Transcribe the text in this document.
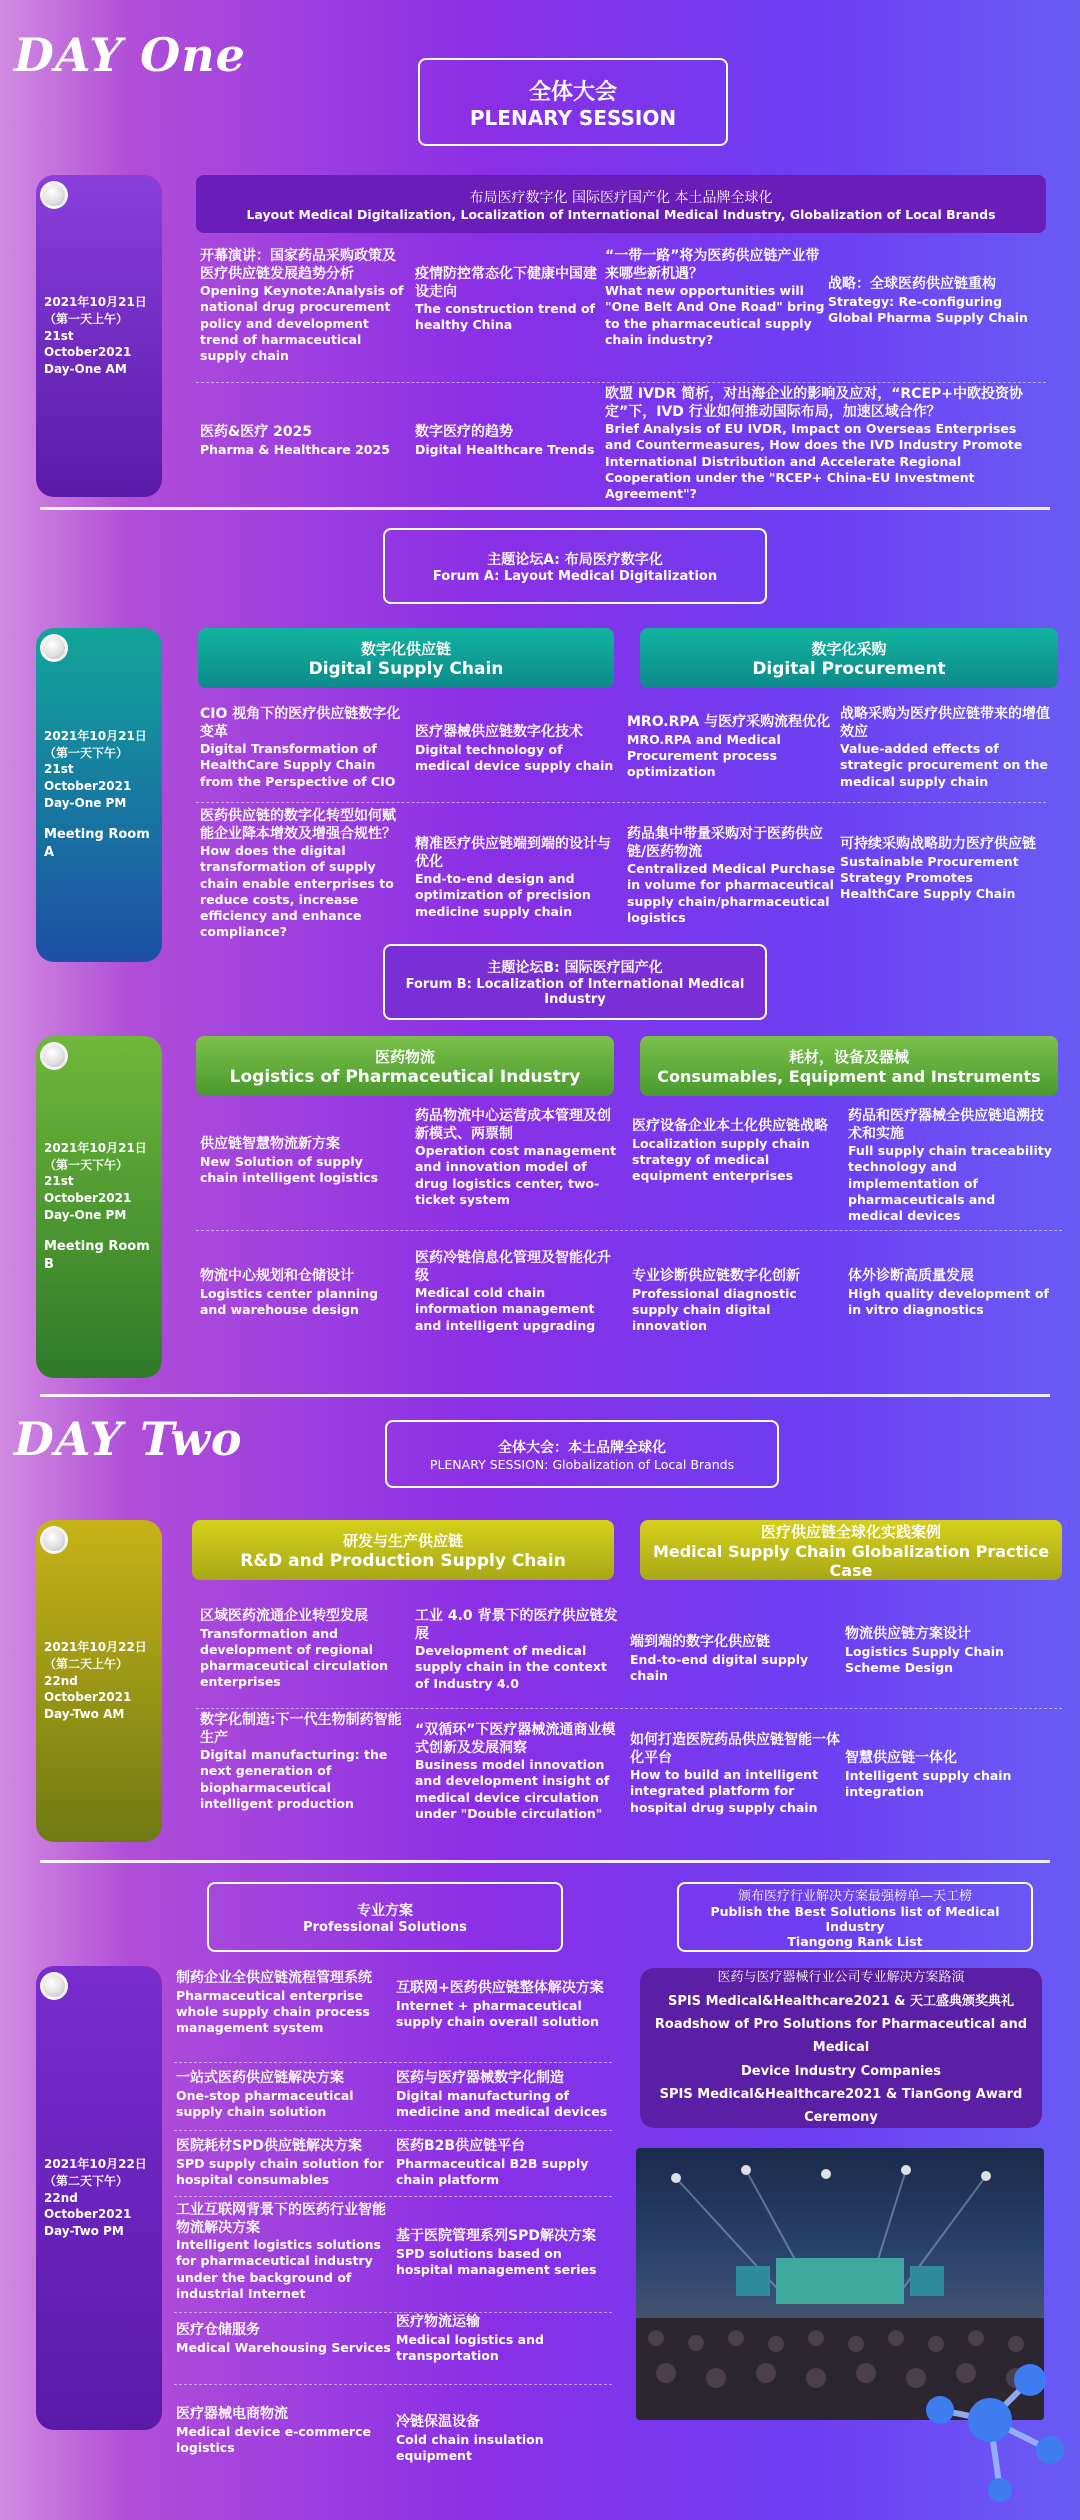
DAY One
全体大会
PLENARY SESSION
2021年10月21日
（第一天上午）
21st October2021
Day-One AM
布局医疗数字化 国际医疗国产化 本土品牌全球化
Layout Medical Digitalization, Localization of International Medical Industry, Globalization of Local Brands
开幕演讲：国家药品采购政策及医疗供应链发展趋势分析
Opening Keynote:Analysis of national drug procurement policy and development trend of harmaceutical supply chain
疫情防控常态化下健康中国建设走向
The construction trend of healthy China
“一带一路”将为医药供应链产业带来哪些新机遇？
What new opportunities will "One Belt And One Road" bring to the pharmaceutical supply chain industry?
战略：全球医药供应链重构
Strategy: Re-configuring Global Pharma Supply Chain
医药&医疗 2025
Pharma & Healthcare 2025
数字医疗的趋势
Digital Healthcare Trends
欧盟 IVDR 简析，对出海企业的影响及应对，“RCEP+中欧投资协定”下，IVD 行业如何推动国际布局，加速区域合作？
Brief Analysis of EU IVDR, Impact on Overseas Enterprises and Countermeasures, How does the IVD Industry Promote International Distribution and Accelerate Regional Cooperation under the "RCEP+ China-EU Investment Agreement"?
主题论坛A: 布局医疗数字化
Forum A: Layout Medical Digitalization
2021年10月21日
（第一天下午）
21st October2021
Day-One PM
Meeting Room A
数字化供应链
Digital Supply Chain
数字化采购
Digital Procurement
CIO 视角下的医疗供应链数字化变革
Digital Transformation of HealthCare Supply Chain from the Perspective of CIO
医疗器械供应链数字化技术
Digital technology of medical device supply chain
MRO.RPA 与医疗采购流程优化
MRO.RPA and Medical Procurement process optimization
战略采购为医疗供应链带来的增值效应
Value-added effects of strategic procurement on the medical supply chain
医药供应链的数字化转型如何赋能企业降本增效及增强合规性？
How does the digital transformation of supply chain enable enterprises to reduce costs, increase efficiency and enhance compliance?
精准医疗供应链端到端的设计与优化
End-to-end design and optimization of precision medicine supply chain
药品集中带量采购对于医药供应链/医药物流
Centralized Medical Purchase in volume for pharmaceutical supply chain/pharmaceutical logistics
可持续采购战略助力医疗供应链
Sustainable Procurement Strategy Promotes HealthCare Supply Chain
主题论坛B: 国际医疗国产化
Forum B: Localization of International Medical Industry
2021年10月21日
（第一天下午）
21st October2021
Day-One PM
Meeting Room B
医药物流
Logistics of Pharmaceutical Industry
耗材，设备及器械
Consumables, Equipment and Instruments
供应链智慧物流新方案
New Solution of supply chain intelligent logistics
药品物流中心运营成本管理及创新模式、两票制
Operation cost management and innovation model of drug logistics center, two-ticket system
医疗设备企业本土化供应链战略
Localization supply chain strategy of medical equipment enterprises
药品和医疗器械全供应链追溯技术和实施
Full supply chain traceability technology and implementation of pharmaceuticals and medical devices
物流中心规划和仓储设计
Logistics center planning and warehouse design
医药冷链信息化管理及智能化升级
Medical cold chain information management and intelligent upgrading
专业诊断供应链数字化创新
Professional diagnostic supply chain digital innovation
体外诊断高质量发展
High quality development of in vitro diagnostics
DAY Two	全体大会：本土品牌全球化
PLENARY SESSION: Globalization of Local Brands
2021年10月22日
（第二天上午）
22nd October2021
Day-Two AM
研发与生产供应链
R&D and Production Supply Chain
医疗供应链全球化实践案例
Medical Supply Chain Globalization Practice Case
区域医药流通企业转型发展
Transformation and development of regional pharmaceutical circulation enterprises
工业 4.0 背景下的医疗供应链发展
Development of medical supply chain in the context of Industry 4.0
端到端的数字化供应链
End-to-end digital supply chain
物流供应链方案设计
Logistics Supply Chain Scheme Design
数字化制造:下一代生物制药智能生产
Digital manufacturing: the next generation of biopharmaceutical intelligent production
“双循环”下医疗器械流通商业模式创新及发展洞察
Business model innovation and development insight of medical device circulation under "Double circulation"
如何打造医院药品供应链智能一体化平台
How to build an intelligent integrated platform for hospital drug supply chain
智慧供应链一体化
Intelligent supply chain integration
专业方案
Professional Solutions
颁布医疗行业解决方案最强榜单—天工榜
Publish the Best Solutions list of Medical Industry
Tiangong Rank List
2021年10月22日
（第二天下午）
22nd October2021
Day-Two PM
制药企业全供应链流程管理系统
Pharmaceutical enterprise whole supply chain process management system
互联网+医药供应链整体解决方案
Internet + pharmaceutical supply chain overall solution
一站式医药供应链解决方案
One-stop pharmaceutical supply chain solution
医药与医疗器械数字化制造
Digital manufacturing of medicine and medical devices
医院耗材SPD供应链解决方案
SPD supply chain solution for hospital consumables
医药B2B供应链平台
Pharmaceutical B2B supply chain platform
工业互联网背景下的医药行业智能物流解决方案
Intelligent logistics solutions for pharmaceutical industry under the background of industrial Internet
基于医院管理系列SPD解决方案
SPD solutions based on hospital management series
医疗仓储服务
Medical Warehousing Services
医疗物流运输
Medical logistics and transportation
医疗器械电商物流
Medical device e-commerce logistics
冷链保温设备
Cold chain insulation equipment
医药与医疗器械行业公司专业解决方案路演
SPIS Medical&Healthcare2021 & 天工盛典颁奖典礼
Roadshow of Pro Solutions for Pharmaceutical and Medical
Device Industry Companies
SPIS Medical&Healthcare2021 & TianGong Award Ceremony
